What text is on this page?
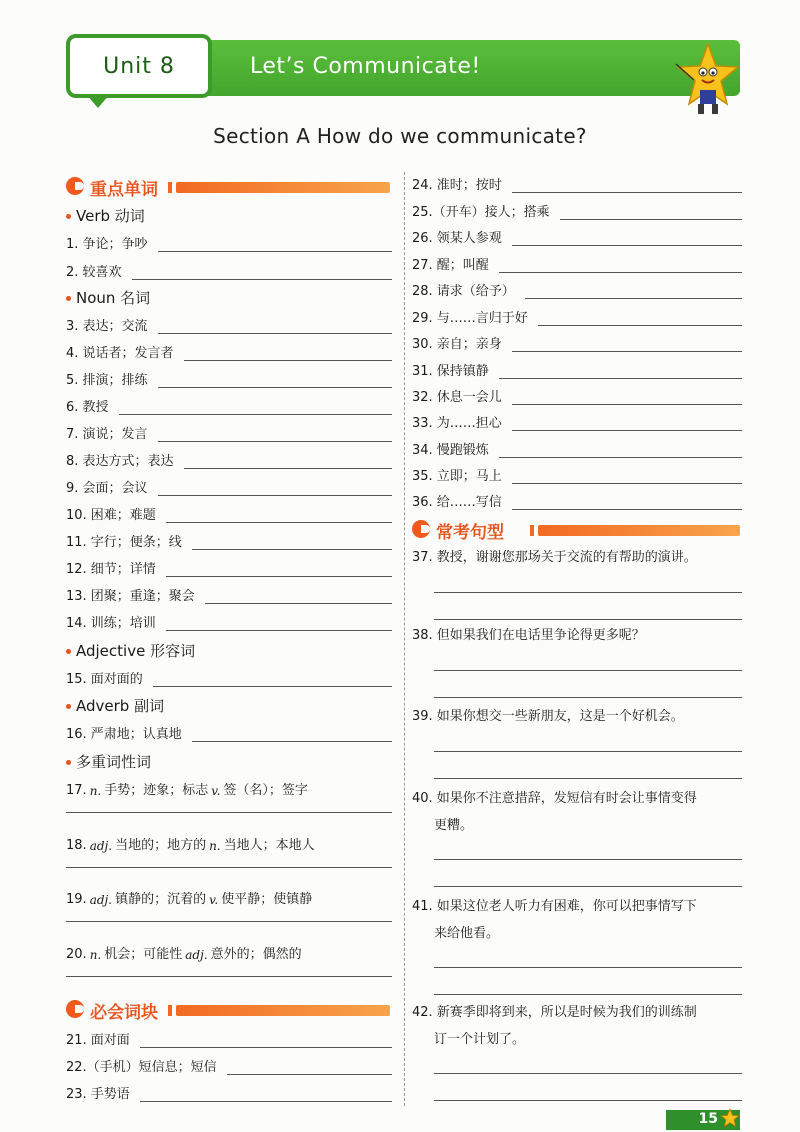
Unit 8	Let’s Communicate!
Section A How do we communicate?
重点单词
Verb 动词
1. 争论；争吵
2. 较喜欢
Noun 名词
3. 表达；交流
4. 说话者；发言者
5. 排演；排练
6. 教授
7. 演说；发言
8. 表达方式；表达
9. 会面；会议
10. 困难；难题
11. 字行；便条；线
12. 细节；详情
13. 团聚；重逢；聚会
14. 训练；培训
Adjective 形容词
15. 面对面的
Adverb 副词
16. 严肃地；认真地
多重词性词
17. n. 手势；迹象；标志 v. 签（名）；签字
18. adj. 当地的；地方的 n. 当地人；本地人
19. adj. 镇静的；沉着的 v. 使平静；使镇静
20. n. 机会；可能性 adj. 意外的；偶然的
必会词块
21. 面对面
22.（手机）短信息；短信
23. 手势语
24. 准时；按时
25.（开车）接人；搭乘
26. 领某人参观
27. 醒；叫醒
28. 请求（给予）
29. 与……言归于好
30. 亲自；亲身
31. 保持镇静
32. 休息一会儿
33. 为……担心
34. 慢跑锻炼
35. 立即；马上
36. 给……写信
常考句型
37. 教授，谢谢您那场关于交流的有帮助的演讲。
38. 但如果我们在电话里争论得更多呢？
39. 如果你想交一些新朋友，这是一个好机会。
40. 如果你不注意措辞，发短信有时会让事情变得
更糟。
41. 如果这位老人听力有困难，你可以把事情写下
来给他看。
42. 新赛季即将到来，所以是时候为我们的训练制
订一个计划了。
15
